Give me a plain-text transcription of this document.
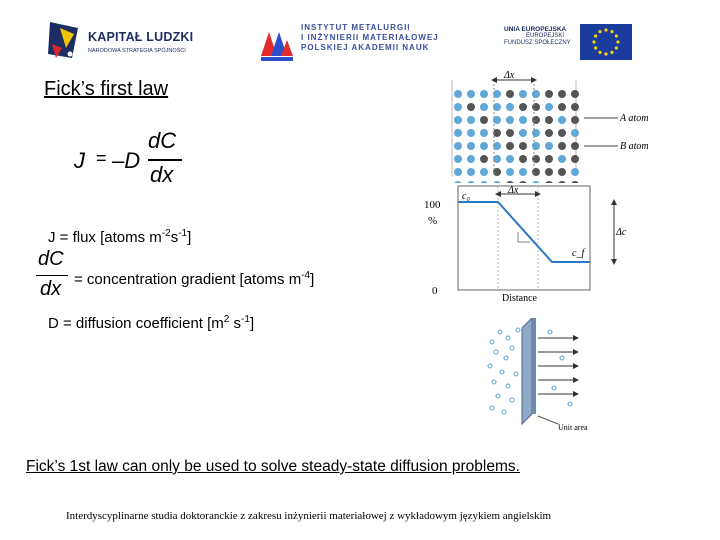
KAPITAŁ LUDZKI
NARODOWA STRATEGIA SPÓJNOŚCI
INSTYTUT METALURGII
I INŻYNIERII MATERIAŁOWEJ
POLSKIEJ AKADEMII NAUK
UNIA EUROPEJSKA
EUROPEJSKI
FUNDUSZ SPOŁECZNY
Fick’s first law
J = –D
dC
dx
J = flux [atoms $m^{-2}s^{-1}$]
dC
dx = concentration gradient [atoms $m^{-4}$]
D = diffusion coefficient [$m^2$ $s^{-1}$]
Δx
A atom
B atom
Δx
c₀
c_f
Δc
100
%
0
Distance
Unit area
Fick’s 1st law can only be used to solve steady-state diffusion problems.
Interdyscyplinarne studia doktoranckie z zakresu inżynierii materiałowej z wykładowym językiem angielskim
